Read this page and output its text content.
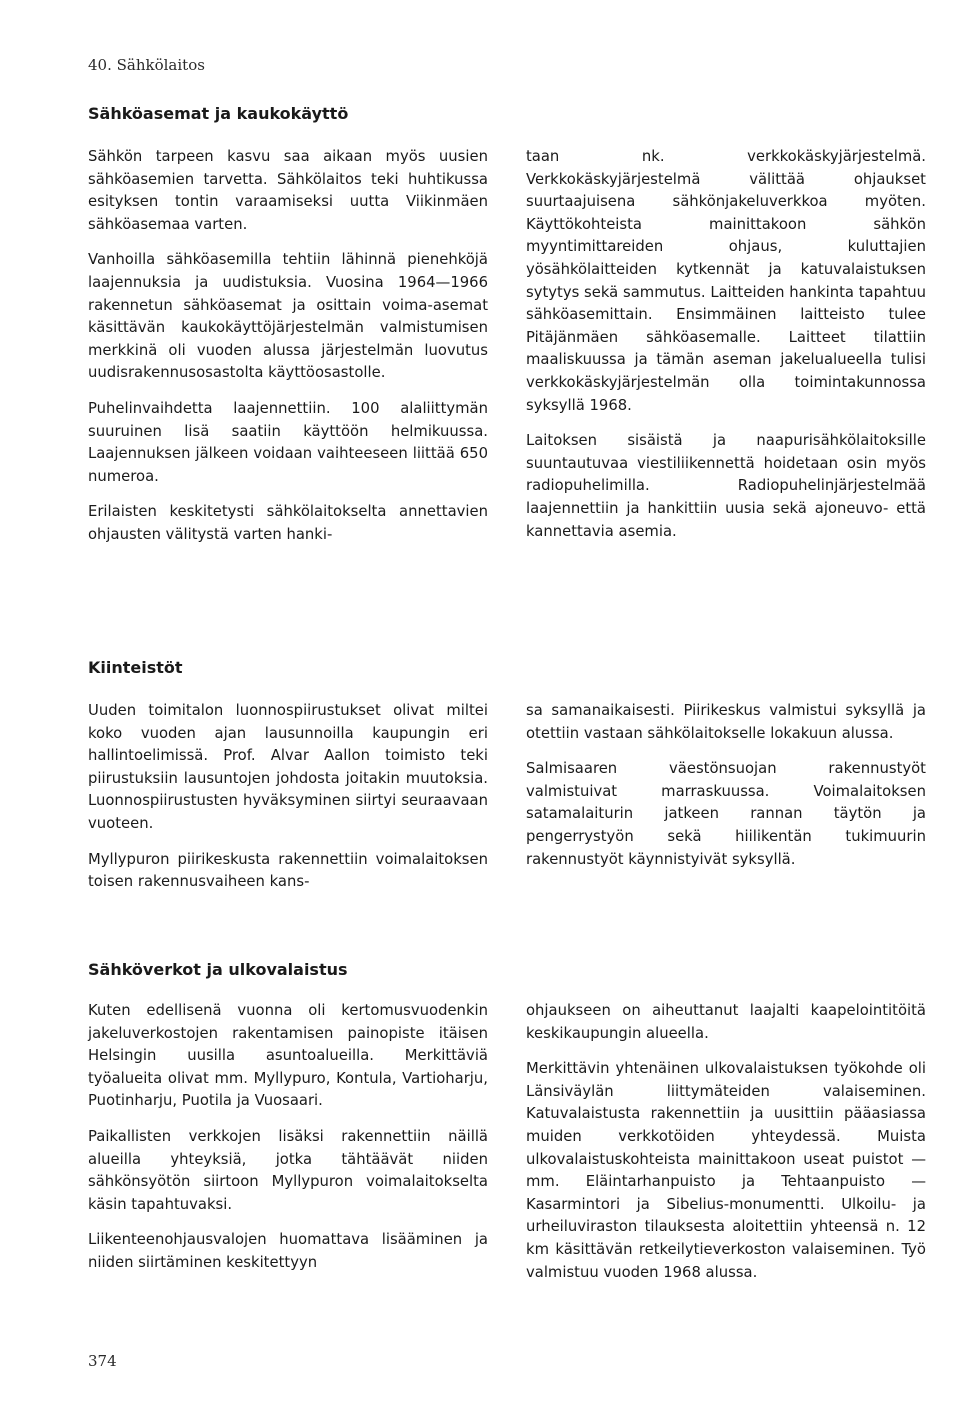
40. Sähkölaitos
Sähköasemat ja kaukokäyttö

Sähkön tarpeen kasvu saa aikaan myös uusien sähköasemien tarvetta. Sähkölaitos teki huhtikussa esityksen tontin varaamiseksi uutta Viikinmäen sähköasemaa varten.

Vanhoilla sähköasemilla tehtiin lähinnä pienehköjä laajennuksia ja uudistuksia. Vuosina 1964—1966 rakennetun sähköasemat ja osittain voima-asemat käsittävän kaukokäyttöjärjestelmän valmistumisen merkkinä oli vuoden alussa järjestelmän luovutus uudisrakennusosastolta käyttöosastolle.

Puhelinvaihdetta laajennettiin. 100 alaliittymän suuruinen lisä saatiin käyttöön helmikuussa. Laajennuksen jälkeen voidaan vaihteeseen liittää 650 numeroa.

Erilaisten keskitetysti sähkölaitokselta annettavien ohjausten välitystä varten hanki-

taan nk. verkkokäskyjärjestelmä. Verkkokäskyjärjestelmä välittää ohjaukset suurtaajuisena sähkönjakeluverkkoa myöten. Käyttökohteista mainittakoon sähkön myyntimittareiden ohjaus, kuluttajien yösähkölaitteiden kytkennät ja katuvalaistuksen sytytys sekä sammutus. Laitteiden hankinta tapahtuu sähköasemittain. Ensimmäinen laitteisto tulee Pitäjänmäen sähköasemalle. Laitteet tilattiin maaliskuussa ja tämän aseman jakelualueella tulisi verkkokäskyjärjestelmän olla toimintakunnossa syksyllä 1968.

Laitoksen sisäistä ja naapurisähkölaitoksille suuntautuvaa viestiliikennettä hoidetaan osin myös radiopuhelimilla. Radiopuhelinjärjestelmää laajennettiin ja hankittiin uusia sekä ajoneuvo- että kannettavia asemia.

Kiinteistöt

Uuden toimitalon luonnospiirustukset olivat miltei koko vuoden ajan lausunnoilla kaupungin eri hallintoelimissä. Prof. Alvar Aallon toimisto teki piirustuksiin lausuntojen johdosta joitakin muutoksia. Luonnospiirustusten hyväksyminen siirtyi seuraavaan vuoteen.

Myllypuron piirikeskusta rakennettiin voimalaitoksen toisen rakennusvaiheen kans-

sa samanaikaisesti. Piirikeskus valmistui syksyllä ja otettiin vastaan sähkölaitokselle lokakuun alussa.

Salmisaaren väestönsuojan rakennustyöt valmistuivat marraskuussa. Voimalaitoksen satamalaiturin jatkeen rannan täytön ja pengerrystyön sekä hiilikentän tukimuurin rakennustyöt käynnistyivät syksyllä.

Sähköverkot ja ulkovalaistus

Kuten edellisenä vuonna oli kertomusvuodenkin jakeluverkostojen rakentamisen painopiste itäisen Helsingin uusilla asuntoalueilla. Merkittäviä työalueita olivat mm. Myllypuro, Kontula, Vartioharju, Puotinharju, Puotila ja Vuosaari.

Paikallisten verkkojen lisäksi rakennettiin näillä alueilla yhteyksiä, jotka tähtäävät niiden sähkönsyötön siirtoon Myllypuron voimalaitokselta käsin tapahtuvaksi.

Liikenteenohjausvalojen huomattava lisääminen ja niiden siirtäminen keskitettyyn

ohjaukseen on aiheuttanut laajalti kaapelointitöitä keskikaupungin alueella.

Merkittävin yhtenäinen ulkovalaistuksen työkohde oli Länsiväylän liittymäteiden valaiseminen. Katuvalaistusta rakennettiin ja uusittiin pääasiassa muiden verkkotöiden yhteydessä. Muista ulkovalaistuskohteista mainittakoon useat puistot — mm. Eläintarhanpuisto ja Tehtaanpuisto — Kasarmintori ja Sibelius-monumentti. Ulkoilu- ja urheiluviraston tilauksesta aloitettiin yhteensä n. 12 km käsittävän retkeilytieverkoston valaiseminen. Työ valmistuu vuoden 1968 alussa.

374
